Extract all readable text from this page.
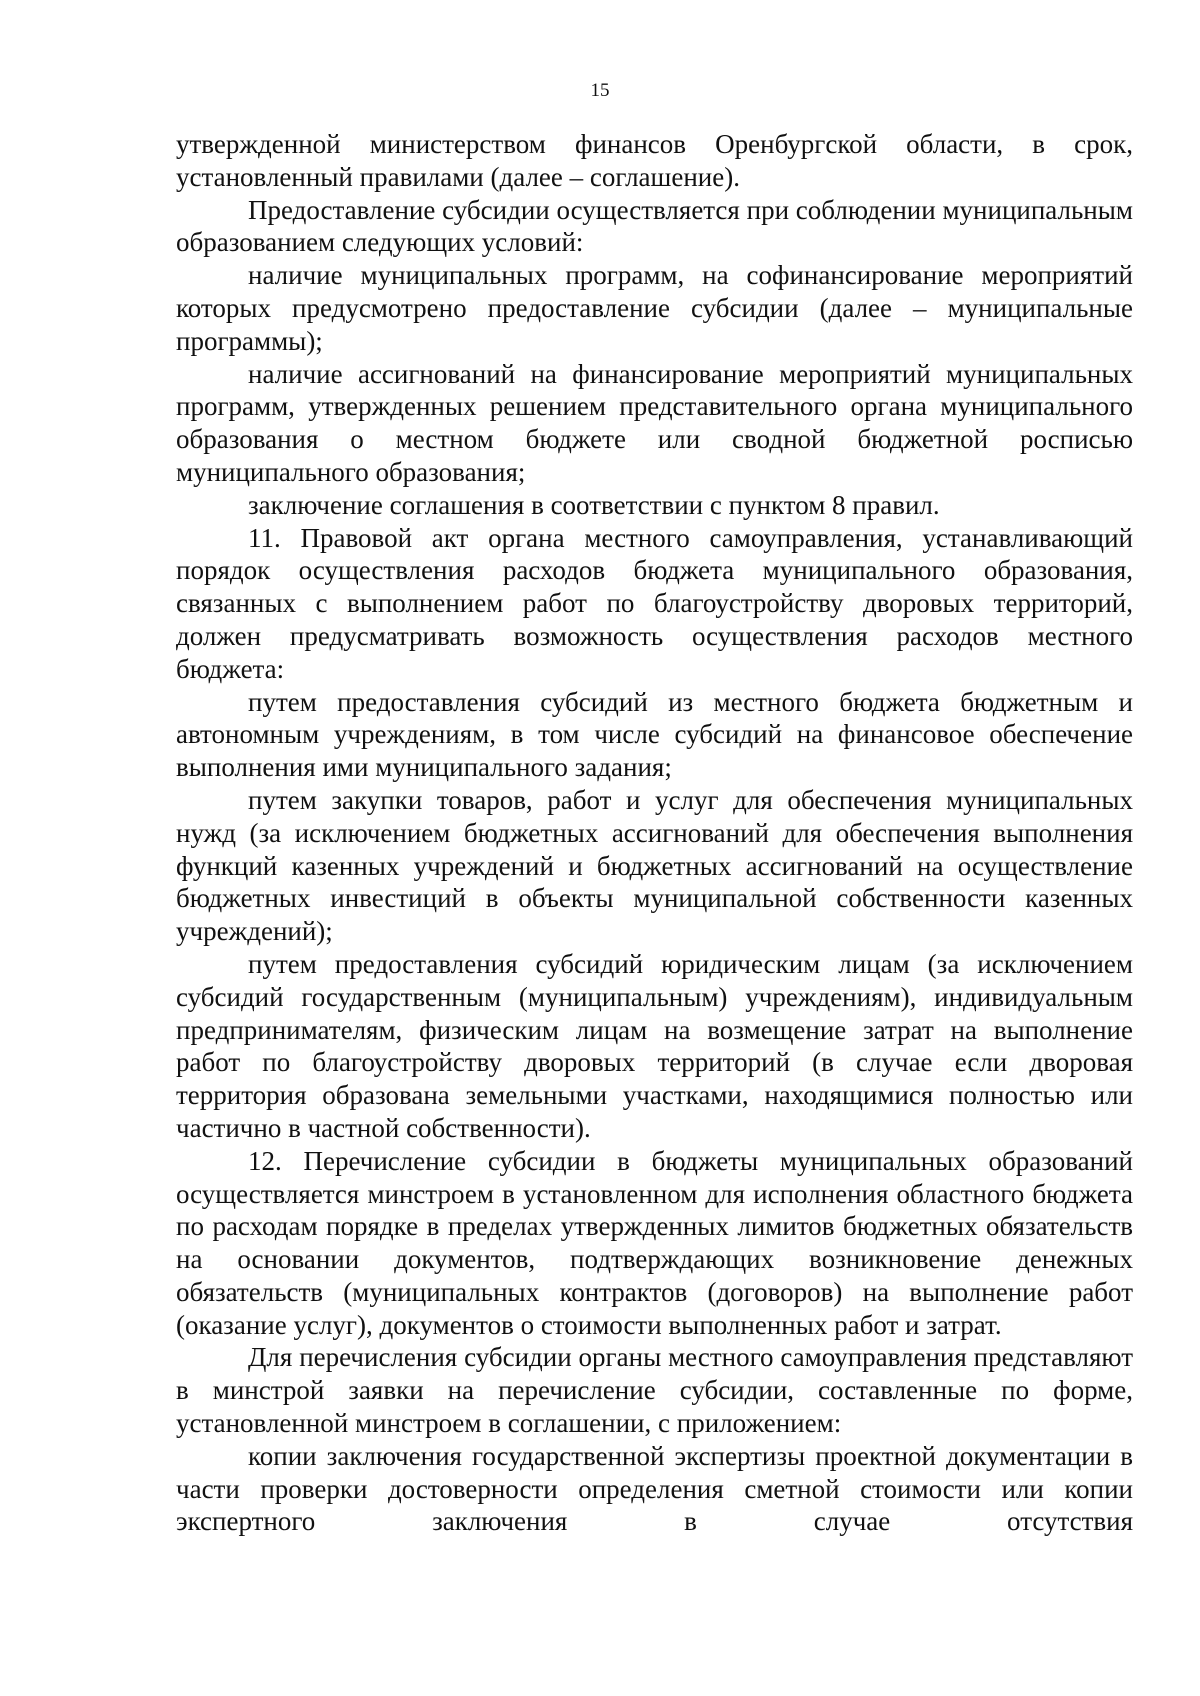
15

утвержденной министерством финансов Оренбургской области, в срок, установленный правилами (далее – соглашение).

Предоставление субсидии осуществляется при соблюдении муниципальным образованием следующих условий:

наличие муниципальных программ, на софинансирование мероприятий которых предусмотрено предоставление субсидии (далее – муниципальные программы);

наличие ассигнований на финансирование мероприятий муниципальных программ, утвержденных решением представительного органа муниципального образования о местном бюджете или сводной бюджетной росписью муниципального образования;

заключение соглашения в соответствии с пунктом 8 правил.

11. Правовой акт органа местного самоуправления, устанавливающий порядок осуществления расходов бюджета муниципального образования, связанных с выполнением работ по благоустройству дворовых территорий, должен предусматривать возможность осуществления расходов местного бюджета:

путем предоставления субсидий из местного бюджета бюджетным и автономным учреждениям, в том числе субсидий на финансовое обеспечение выполнения ими муниципального задания;

путем закупки товаров, работ и услуг для обеспечения муниципальных нужд (за исключением бюджетных ассигнований для обеспечения выполнения функций казенных учреждений и бюджетных ассигнований на осуществление бюджетных инвестиций в объекты муниципальной собственности казенных учреждений);

путем предоставления субсидий юридическим лицам (за исключением субсидий государственным (муниципальным) учреждениям), индивидуальным предпринимателям, физическим лицам на возмещение затрат на выполнение работ по благоустройству дворовых территорий (в случае если дворовая территория образована земельными участками, находящимися полностью или частично в частной собственности).

12. Перечисление субсидии в бюджеты муниципальных образований осуществляется минстроем в установленном для исполнения областного бюджета по расходам порядке в пределах утвержденных лимитов бюджетных обязательств на основании документов, подтверждающих возникновение денежных обязательств (муниципальных контрактов (договоров) на выполнение работ (оказание услуг), документов о стоимости выполненных работ и затрат.

Для перечисления субсидии органы местного самоуправления представляют в минстрой заявки на перечисление субсидии, составленные по форме, установленной минстроем в соглашении, с приложением:

копии заключения государственной экспертизы проектной документации в части проверки достоверности определения сметной стоимости или копии экспертного заключения в случае отсутствия
